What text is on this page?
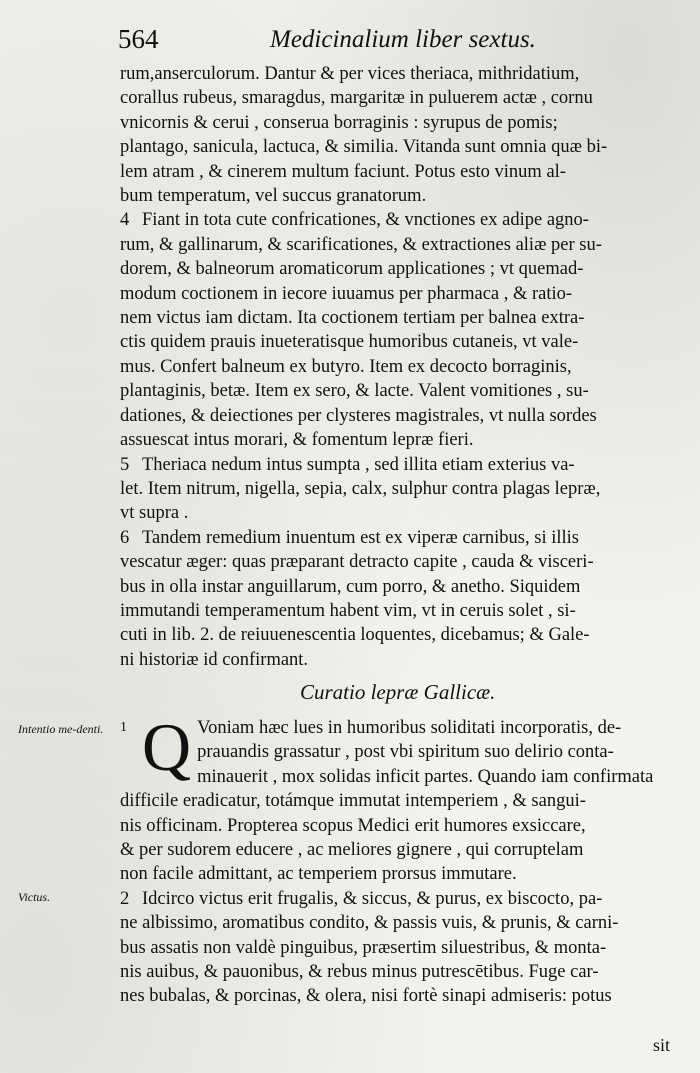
564	Medicinalium liber sextus.
rum,anserculorum. Dantur & per vices theriaca, mithridatium,
corallus rubeus, smaragdus, margaritæ in puluerem actæ , cornu
vnicornis & cerui , conserua borraginis : syrupus de pomis;
plantago, sanicula, lactuca, & similia. Vitanda sunt omnia quæ bi-
lem atram , & cinerem multum faciunt. Potus esto vinum al-
bum temperatum, vel succus granatorum.
4 Fiant in tota cute confricationes, & vnctiones ex adipe agno-
rum, & gallinarum, & scarificationes, & extractiones aliæ per su-
dorem, & balneorum aromaticorum applicationes ; vt quemad-
modum coctionem in iecore iuuamus per pharmaca , & ratio-
nem victus iam dictam. Ita coctionem tertiam per balnea extra-
ctis quidem prauis inueteratisque humoribus cutaneis, vt vale-
mus. Confert balneum ex butyro. Item ex decocto borraginis,
plantaginis, betæ. Item ex sero, & lacte. Valent vomitiones , su-
dationes, & deiectiones per clysteres magistrales, vt nulla sordes
assuescat intus morari, & fomentum lepræ fieri.
5 Theriaca nedum intus sumpta , sed illita etiam exterius va-
let. Item nitrum, nigella, sepia, calx, sulphur contra plagas lepræ,
vt supra .
6 Tandem remedium inuentum est ex viperæ carnibus, si illis
vescatur æger: quas præparant detracto capite , cauda & visceri-
bus in olla instar anguillarum, cum porro, & anetho. Siquidem
immutandi temperamentum habent vim, vt in ceruis solet , si-
cuti in lib. 2. de reiuuenescentia loquentes, dicebamus; & Gale-
ni historiæ id confirmant.
Curatio lepræ Gallicæ.
Intentio me-denti.
Victus.
1 Q Voniam hæc lues in humoribus soliditati incorporatis, de-
prauandis grassatur , post vbi spiritum suo delirio conta-
minauerit , mox solidas inficit partes. Quando iam confirmata
difficile eradicatur, totámque immutat intemperiem , & sangui-
nis officinam. Propterea scopus Medici erit humores exsiccare,
& per sudorem educere , ac meliores gignere , qui corruptelam
non facile admittant, ac temperiem prorsus immutare.
2 Idcirco victus erit frugalis, & siccus, & purus, ex biscocto, pa-
ne albissimo, aromatibus condito, & passis vuis, & prunis, & carni-
bus assatis non valdè pinguibus, præsertim siluestribus, & monta-
nis auibus, & pauonibus, & rebus minus putrescētibus. Fuge car-
nes bubalas, & porcinas, & olera, nisi fortè sinapi admiseris: potus
sit
